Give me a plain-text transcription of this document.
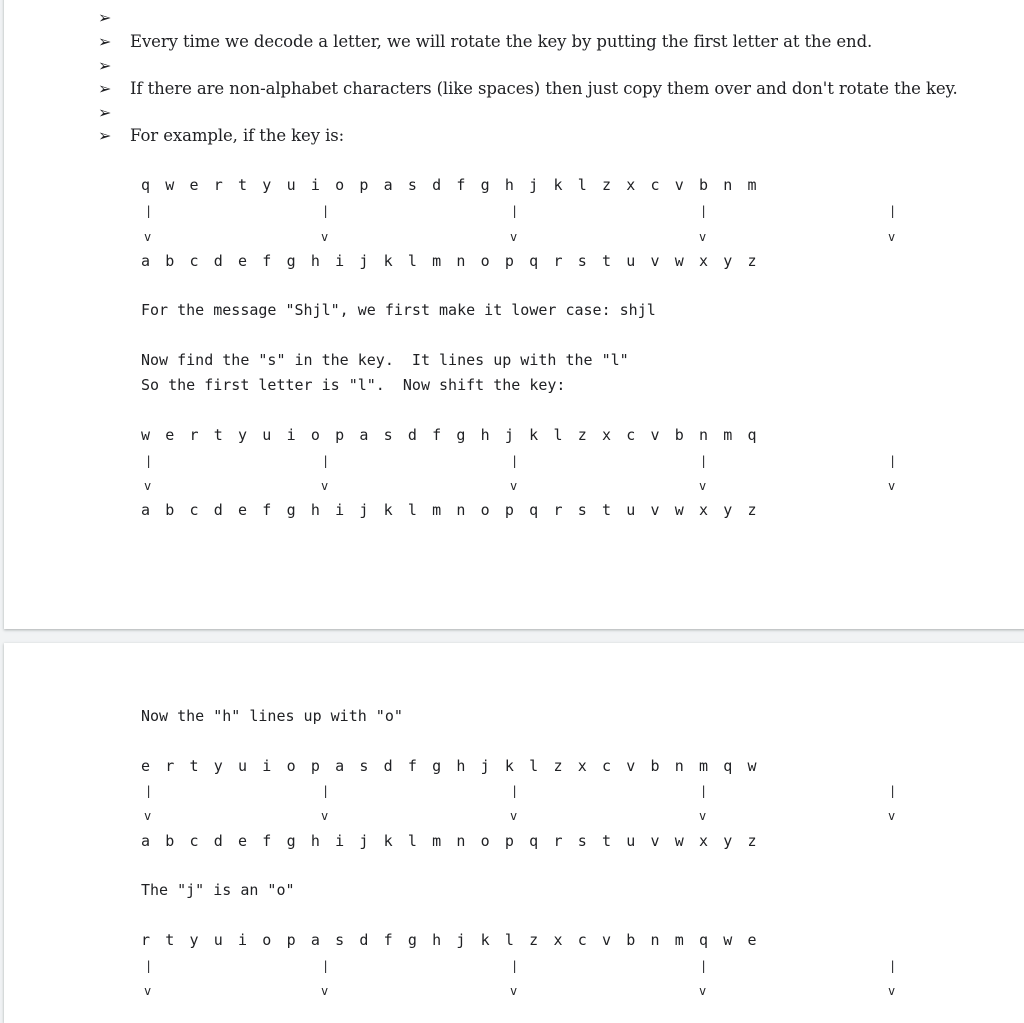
➢
➢ Every time we decode a letter, we will rotate the key by putting the first letter at the end.
➢
➢ If there are non-alphabet characters (like spaces) then just copy them over and don't rotate the key.
➢
➢ For example, if the key is:
q w e r t y u i o p a s d f g h j k l z x c v b n m
|	|	|	|	|
v	v	v	v	v
a b c d e f g h i j k l m n o p q r s t u v w x y z
For the message "Shjl", we first make it lower case: shjl
Now find the "s" in the key.  It lines up with the "l"
So the first letter is "l".  Now shift the key:
w e r t y u i o p a s d f g h j k l z x c v b n m q
|	|	|	|	|
v	v	v	v	v
a b c d e f g h i j k l m n o p q r s t u v w x y z
Now the "h" lines up with "o"
e r t y u i o p a s d f g h j k l z x c v b n m q w
|	|	|	|	|
v	v	v	v	v
a b c d e f g h i j k l m n o p q r s t u v w x y z
The "j" is an "o"
r t y u i o p a s d f g h j k l z x c v b n m q w e
|	|	|	|	|
v	v	v	v	v
